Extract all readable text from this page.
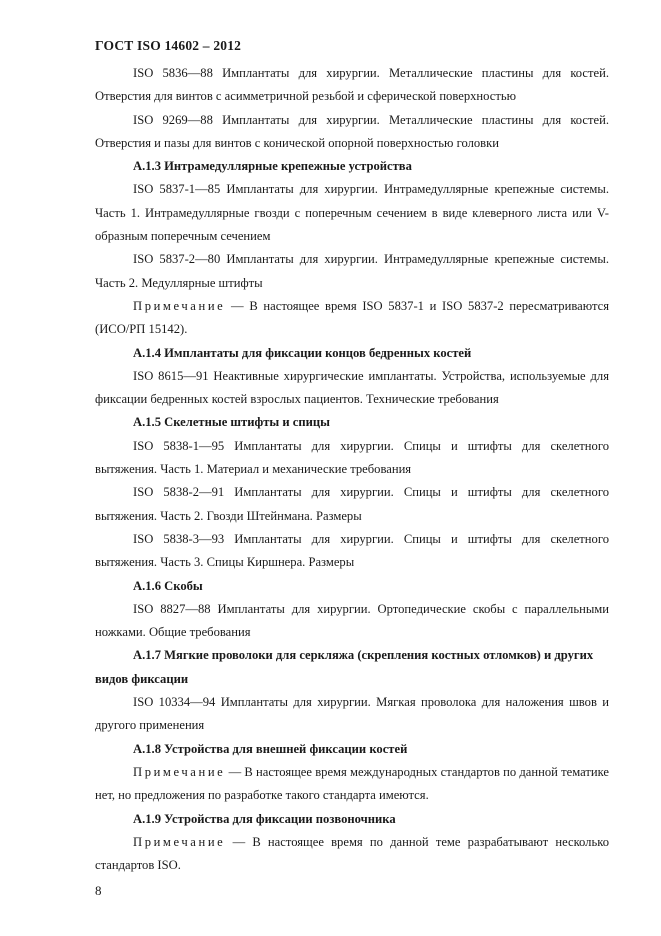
ГОСТ ISO 14602 – 2012

ISO 5836—88 Имплантаты для хирургии. Металлические пластины для костей. Отверстия для винтов с асимметричной резьбой и сферической поверхностью

ISO 9269—88 Имплантаты для хирургии. Металлические пластины для костей. Отверстия и пазы для винтов с конической опорной поверхностью головки

А.1.3 Интрамедуллярные крепежные устройства

ISO 5837-1—85 Имплантаты для хирургии. Интрамедуллярные крепежные системы. Часть 1. Интрамедуллярные гвозди с поперечным сечением в виде клеверного листа или V-образным поперечным сечением

ISO 5837-2—80 Имплантаты для хирургии. Интрамедуллярные крепежные системы. Часть 2. Медуллярные штифты

Примечание — В настоящее время ISO 5837-1 и ISO 5837-2 пересматриваются (ИСО/РП 15142).

А.1.4 Имплантаты для фиксации концов бедренных костей

ISO 8615—91 Неактивные хирургические имплантаты. Устройства, используемые для фиксации бедренных костей взрослых пациентов. Технические требования

А.1.5 Скелетные штифты и спицы

ISO 5838-1—95 Имплантаты для хирургии. Спицы и штифты для скелетного вытяжения. Часть 1. Материал и механические требования

ISO 5838-2—91 Имплантаты для хирургии. Спицы и штифты для скелетного вытяжения. Часть 2. Гвозди Штейнмана. Размеры

ISO 5838-3—93 Имплантаты для хирургии. Спицы и штифты для скелетного вытяжения. Часть 3. Спицы Киршнера. Размеры

А.1.6 Скобы

ISO 8827—88 Имплантаты для хирургии. Ортопедические скобы с параллельными ножками. Общие требования

А.1.7 Мягкие проволоки для серкляжа (скрепления костных отломков) и других видов фиксации

ISO 10334—94 Имплантаты для хирургии. Мягкая проволока для наложения швов и другого применения

А.1.8 Устройства для внешней фиксации костей

Примечание — В настоящее время международных стандартов по данной тематике нет, но предложения по разработке такого стандарта имеются.

А.1.9 Устройства для фиксации позвоночника

Примечание — В настоящее время по данной теме разрабатывают несколько стандартов ISO.

8
